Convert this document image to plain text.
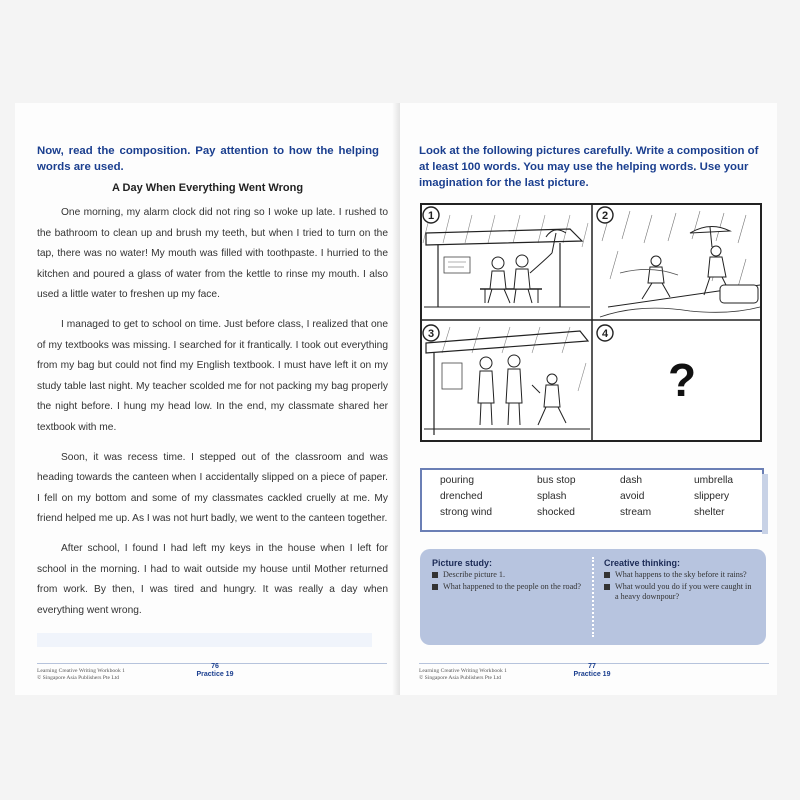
Now, read the composition. Pay attention to how the helping words are used.

A Day When Everything Went Wrong

One morning, my alarm clock did not ring so I woke up late. I rushed to the bathroom to clean up and brush my teeth, but when I tried to turn on the tap, there was no water! My mouth was filled with toothpaste. I hurried to the kitchen and poured a glass of water from the kettle to rinse my mouth. I also used a little water to freshen up my face.

I managed to get to school on time. Just before class, I realized that one of my textbooks was missing. I searched for it frantically. I took out everything from my bag but could not find my English textbook. I must have left it on my study table last night. My teacher scolded me for not packing my bag properly the night before. I hung my head low. In the end, my classmate shared her textbook with me.

Soon, it was recess time. I stepped out of the classroom and was heading towards the canteen when I accidentally slipped on a piece of paper. I fell on my bottom and some of my classmates cackled cruelly at me. My friend helped me up. As I was not hurt badly, we went to the canteen together.

After school, I found I had left my keys in the house when I left for school in the morning. I had to wait outside my house until Mother returned from work. By then, I was tired and hungry. It was really a day when everything went wrong.

Learning Creative Writing Workbook 1

© Singapore Asia Publishers Pte Ltd

76

Practice 19

Look at the following pictures carefully. Write a composition of at least 100 words. You may use the helping words. Use your imagination for the last picture.

1	2
3	4
?
pouring	bus stop	dash	umbrella
drenched	splash	avoid	slippery
strong wind	shocked	stream	shelter

Picture study:

Describe picture 1.

What happened to the people on the road?

Creative thinking:

What happens to the sky before it rains?

What would you do if you were caught in a heavy downpour?

Learning Creative Writing Workbook 1

© Singapore Asia Publishers Pte Ltd

77

Practice 19
